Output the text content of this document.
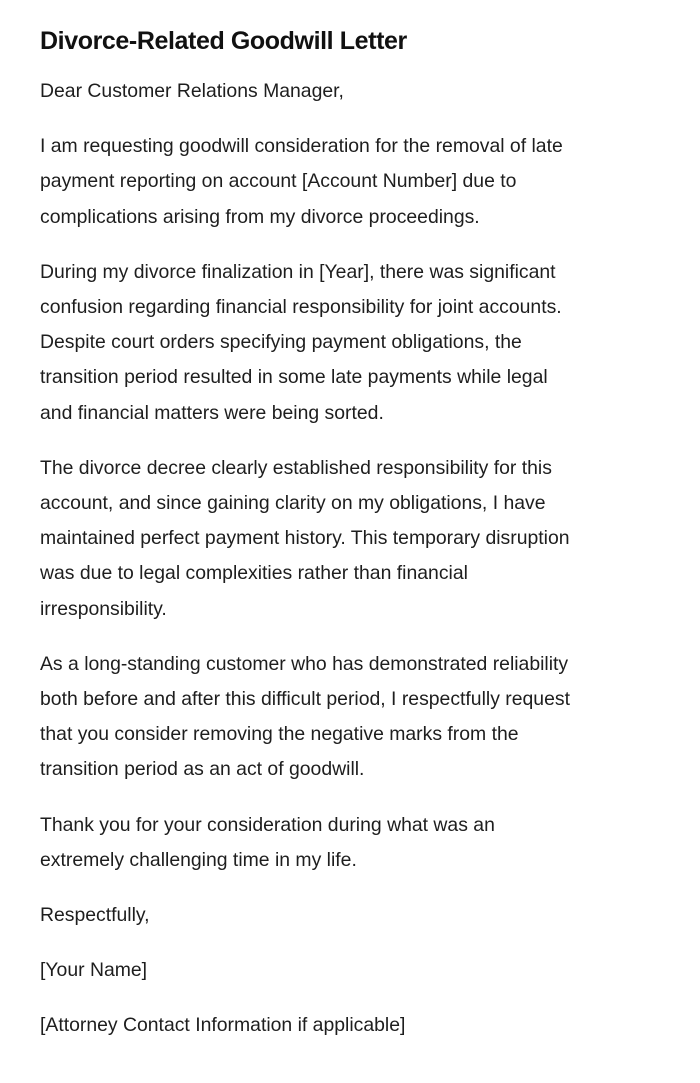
Divorce-Related Goodwill Letter

Dear Customer Relations Manager,

I am requesting goodwill consideration for the removal of late
payment reporting on account [Account Number] due to
complications arising from my divorce proceedings.

During my divorce finalization in [Year], there was significant
confusion regarding financial responsibility for joint accounts.
Despite court orders specifying payment obligations, the
transition period resulted in some late payments while legal
and financial matters were being sorted.

The divorce decree clearly established responsibility for this
account, and since gaining clarity on my obligations, I have
maintained perfect payment history. This temporary disruption
was due to legal complexities rather than financial
irresponsibility.

As a long-standing customer who has demonstrated reliability
both before and after this difficult period, I respectfully request
that you consider removing the negative marks from the
transition period as an act of goodwill.

Thank you for your consideration during what was an
extremely challenging time in my life.

Respectfully,

[Your Name]

[Attorney Contact Information if applicable]
